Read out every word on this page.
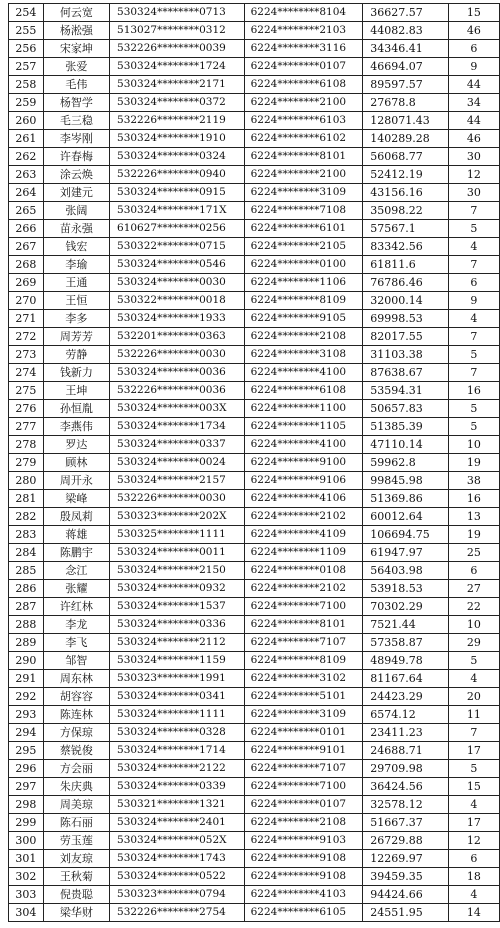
254	何云宽	530324********0713	6224********8104	36627.57	15
255	杨淞强	513027********0312	6224********2103	44082.83	46
256	宋家坤	532226********0039	6224********3116	34346.41	6
257	张爱	530324********1724	6224********0107	46694.07	9
258	毛伟	530324********2171	6224********6108	89597.57	44
259	杨智学	530324********0372	6224********2100	27678.8	34
260	毛三稳	532226********2119	6224********6103	128071.43	44
261	李岑刚	530324********1910	6224********6102	140289.28	46
262	许春梅	530324********0324	6224********8101	56068.77	30
263	涂云焕	532226********0940	6224********2100	52412.19	12
264	刘建元	530324********0915	6224********3109	43156.16	30
265	张阔	530324********171X	6224********7108	35098.22	7
266	苗永强	610627********0256	6224********6101	57567.1	5
267	钱宏	530322********0715	6224********2105	83342.56	4
268	李瑜	530324********0546	6224********0100	61811.6	7
269	王通	530324********0030	6224********1106	76786.46	6
270	王恒	530322********0018	6224********8109	32000.14	9
271	李多	530324********1933	6224********9105	69998.53	4
272	周芳芳	532201********0363	6224********2108	82017.55	7
273	劳静	532226********0030	6224********3108	31103.38	5
274	钱新力	530324********0036	6224********4100	87638.67	7
275	王坤	532226********0036	6224********6108	53594.31	16
276	孙恒胤	530324********003X	6224********1100	50657.83	5
277	李燕伟	530324********1734	6224********1105	51385.39	5
278	罗达	530324********0337	6224********4100	47110.14	10
279	顾林	530324********0024	6224********9100	59962.8	19
280	周开永	530324********2157	6224********9106	99845.98	38
281	梁峰	532226********0030	6224********4106	51369.86	16
282	殷凤莉	530323********202X	6224********2102	60012.64	13
283	蒋雄	530325********1111	6224********4109	106694.75	19
284	陈鹏宇	530324********0011	6224********1109	61947.97	25
285	念江	530324********2150	6224********0108	56403.98	6
286	张耀	530324********0932	6224********2102	53918.53	27
287	许红林	530324********1537	6224********7100	70302.29	22
288	李龙	530324********0336	6224********8101	7521.44	10
289	李飞	530324********2112	6224********7107	57358.87	29
290	邹智	530324********1159	6224********8109	48949.78	5
291	周东林	530323********1991	6224********3102	81167.64	4
292	胡容容	530324********0341	6224********5101	24423.29	20
293	陈连林	530324********1111	6224********3109	6574.12	11
294	方保琼	530324********0328	6224********0101	23411.23	7
295	蔡锐俊	530324********1714	6224********9101	24688.71	17
296	方会丽	530324********2122	6224********7107	29709.98	5
297	朱庆典	530324********0339	6224********7100	36424.56	15
298	周美琼	530321********1321	6224********0107	32578.12	4
299	陈石丽	530324********2401	6224********2108	51667.37	17
300	劳玉莲	530324********052X	6224********9103	26729.88	12
301	刘友琼	530324********1743	6224********9108	12269.97	6
302	王秋菊	530324********0522	6224********9108	39459.35	18
303	倪贵聪	530323********0794	6224********4103	94424.66	4
304	梁华财	532226********2754	6224********6105	24551.95	14
